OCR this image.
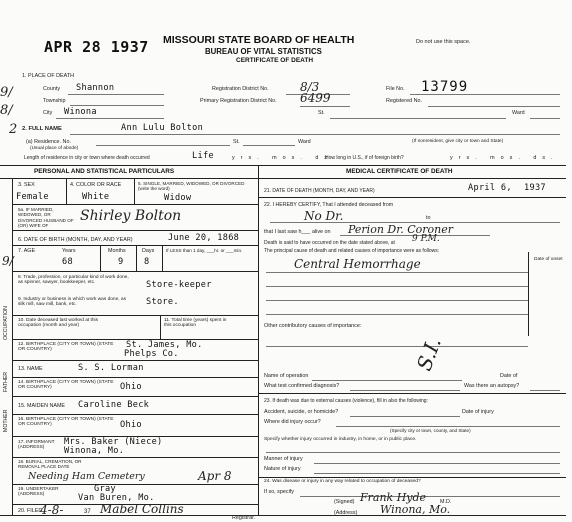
APR 28 1937 MISSOURI STATE BOARD OF HEALTH
BUREAU OF VITAL STATISTICS
CERTIFICATE OF DEATH
Do not use this space.
1. PLACE OF DEATH
9/ 8/
County Shannon	Registration District No.	8/3	File No. 13799
Township	Primary Registration District No. 6499	Registered No.
City Winona	St.	Ward
2 2. FULL NAME	Ann Lulu Bolton
(a) Residence. No.
(Usual place of abode)
St.	Ward	(If nonresident, give city or town and State)
Length of residence in city or town where death occurred	Life	yrs. mos. ds.
How long in U.S., if of foreign birth?	yrs. mos. ds.
PERSONAL AND STATISTICAL PARTICULARS
3. SEX
Female
4. COLOR OR RACE
White
5. SINGLE, MARRIED, WIDOWED, OR DIVORCED (write the word)
Widow
5a. IF MARRIED, WIDOWED, OR DIVORCED HUSBAND OF (OR) WIFE OF
Shirley Bolton
6. DATE OF BIRTH (MONTH, DAY, AND YEAR)	June 20, 1868
9/
7. AGE	Years	Months	Days	If LESS than 1 day, ___hr. or ___min.
68	9 8
OCCUPATION
8. Trade, profession, or particular kind of work done, as spinner, sawyer, bookkeeper, etc.	Store-keeper
9. Industry or business in which work was done, as silk mill, saw mill, bank, etc.	Store.
10. Date deceased last worked at this occupation (month and year)
11. Total time (years) spent in this occupation
12. BIRTHPLACE (CITY OR TOWN) (STATE OR COUNTRY)	St. James, Mo.
Phelps Co.
FATHER
13. NAME	S. S. Lorman
14. BIRTHPLACE (CITY OR TOWN) (STATE OR COUNTRY)	Ohio
MOTHER
15. MAIDEN NAME Caroline Beck
16. BIRTHPLACE (CITY OR TOWN) (STATE OR COUNTRY)	Ohio
17. INFORMANT (ADDRESS)
Mrs. Baker (Niece)
Winona, Mo.
18. BURIAL, CREMATION, OR REMOVAL PLACE DATE
Needing Ham Cemetery	Apr 8
19. UNDERTAKER (ADDRESS)
Gray
Van Buren, Mo.
20. FILED
4-8-	37 Mabel Collins
Registrar.
MEDICAL CERTIFICATE OF DEATH
21. DATE OF DEATH (MONTH, DAY, AND YEAR)	April 6, 1937
22. I HEREBY CERTIFY, That I attended deceased from
No Dr.	to
that I last saw h___ alive on Perion Dr. Coroner
Death is said to have occurred on the date stated above, at 9 P.M.
The principal cause of death and related causes of importance were as follows:
Date of onset
Central Hemorrhage
Other contributory causes of importance:
S.I.
Name of operation	Date of
What test confirmed diagnosis?	Was there an autopsy?
23. If death was due to external causes (violence), fill in also the following:
Accident, suicide, or homicide?	Date of injury
Where did injury occur?
(Specify city or town, county, and State)
Specify whether injury occurred in industry, in home, or in public place.
Manner of injury
Nature of injury
24. Was disease or injury in any way related to occupation of deceased?
If so, specify
(Signed) Frank Hyde	M.D.
(Address) Winona, Mo.
